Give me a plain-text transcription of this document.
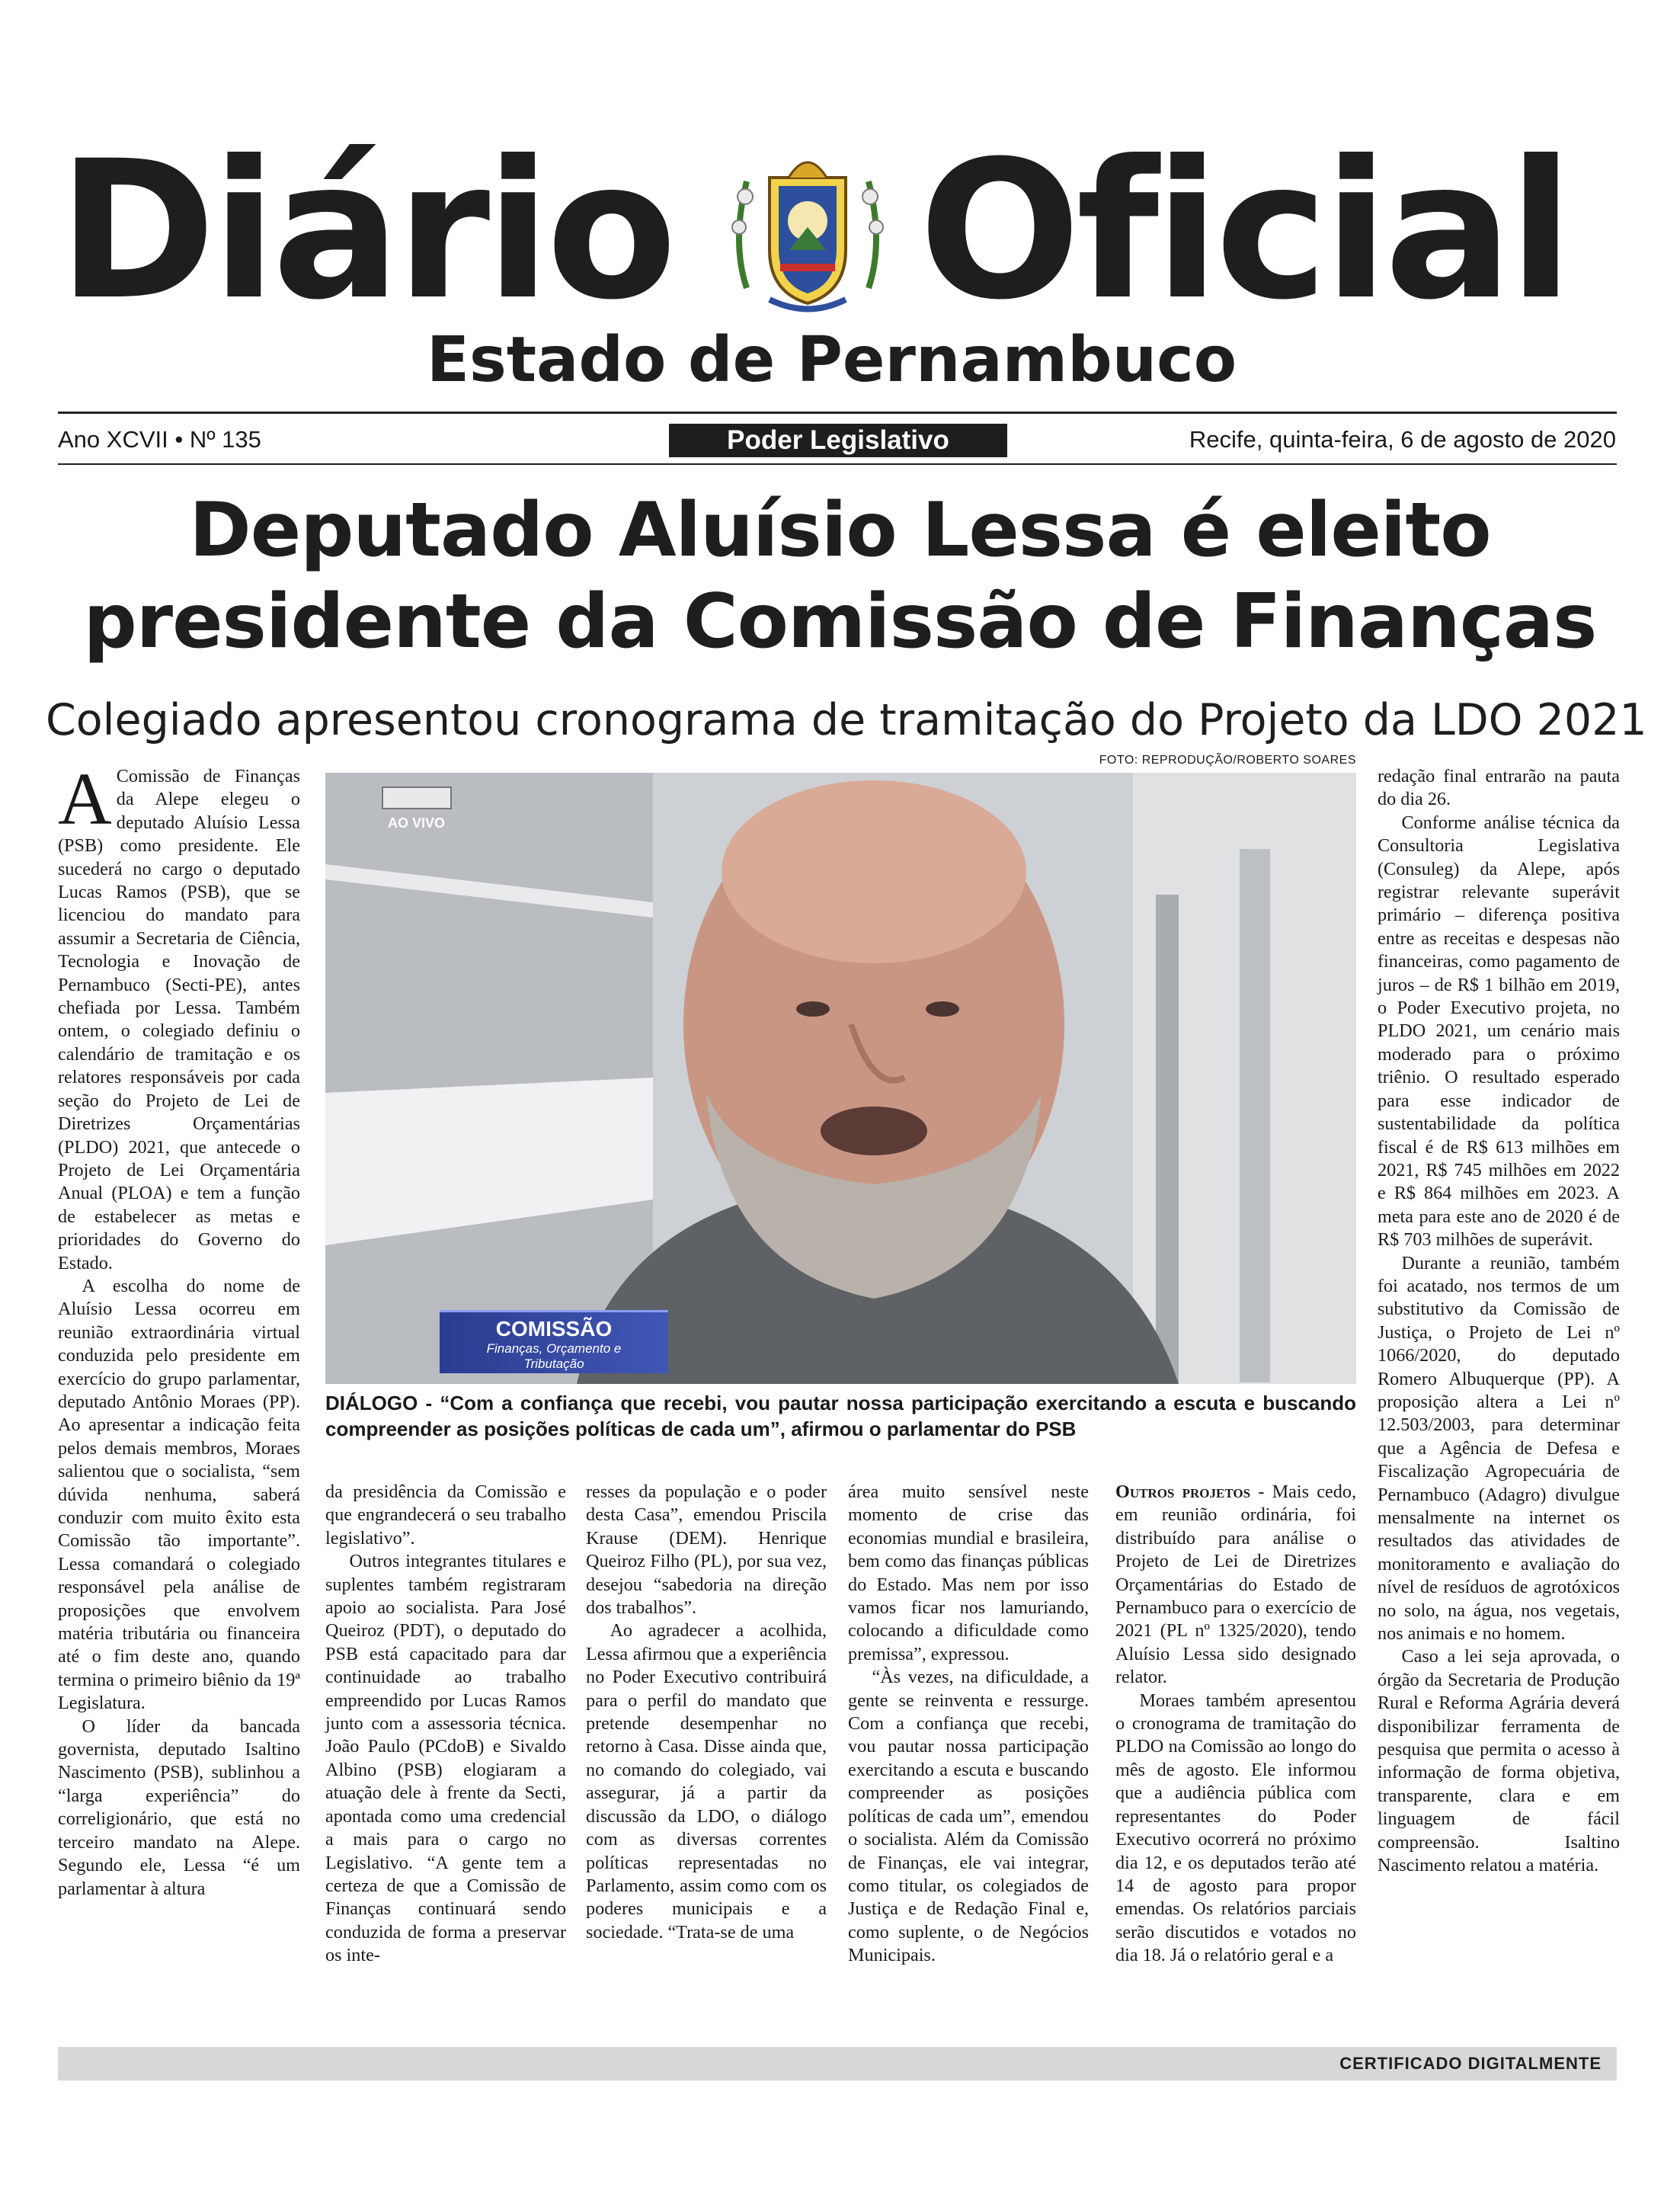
Diário Oficial
Estado de Pernambuco
Ano XCVII • Nº 135	Poder Legislativo	Recife, quinta-feira, 6 de agosto de 2020
Deputado Aluísio Lessa é eleito
presidente da Comissão de Finanças
Colegiado apresentou cronograma de tramitação do Projeto da LDO 2021
FOTO: REPRODUÇÃO/ROBERTO SOARES
AO VIVO
COMISSÃO
Finanças, Orçamento e Tributação
DIÁLOGO - “Com a confiança que recebi, vou pautar nossa participação exercitando a escuta e buscando compreender as posições políticas de cada um”, afirmou o parlamentar do PSB

A Comissão de Finanças da Alepe elegeu o deputado Aluísio Lessa (PSB) como presidente. Ele sucederá no cargo o deputado Lucas Ramos (PSB), que se licenciou do mandato para assumir a Secretaria de Ciência, Tecnologia e Inovação de Pernambuco (Secti-PE), antes chefiada por Lessa. Também ontem, o colegiado definiu o calendário de tramitação e os relatores responsáveis por cada seção do Projeto de Lei de Diretrizes Orçamentárias (PLDO) 2021, que antecede o Projeto de Lei Orçamentária Anual (PLOA) e tem a função de estabelecer as metas e prioridades do Governo do Estado.

A escolha do nome de Aluísio Lessa ocorreu em reunião extraordinária virtual conduzida pelo presidente em exercício do grupo parlamentar, deputado Antônio Moraes (PP). Ao apresentar a indicação feita pelos demais membros, Moraes salientou que o socialista, “sem dúvida nenhuma, saberá conduzir com muito êxito esta Comissão tão importante”. Lessa comandará o colegiado responsável pela análise de proposições que envolvem matéria tributária ou financeira até o fim deste ano, quando termina o primeiro biênio da 19ª Legislatura.

O líder da bancada governista, deputado Isaltino Nascimento (PSB), sublinhou a “larga experiência” do correligionário, que está no terceiro mandato na Alepe. Segundo ele, Lessa “é um parlamentar à altura

da presidência da Comissão e que engrandecerá o seu trabalho legislativo”.

Outros integrantes titulares e suplentes também registraram apoio ao socialista. Para José Queiroz (PDT), o deputado do PSB está capacitado para dar continuidade ao trabalho empreendido por Lucas Ramos junto com a assessoria técnica. João Paulo (PCdoB) e Sivaldo Albino (PSB) elogiaram a atuação dele à frente da Secti, apontada como uma credencial a mais para o cargo no Legislativo. “A gente tem a certeza de que a Comissão de Finanças continuará sendo conduzida de forma a preservar os inte-

resses da população e o poder desta Casa”, emendou Priscila Krause (DEM). Henrique Queiroz Filho (PL), por sua vez, desejou “sabedoria na direção dos trabalhos”.

Ao agradecer a acolhida, Lessa afirmou que a experiência no Poder Executivo contribuirá para o perfil do mandato que pretende desempenhar no retorno à Casa. Disse ainda que, no comando do colegiado, vai assegurar, já a partir da discussão da LDO, o diálogo com as diversas correntes políticas representadas no Parlamento, assim como com os poderes municipais e a sociedade. “Trata-se de uma

área muito sensível neste momento de crise das economias mundial e brasileira, bem como das finanças públicas do Estado. Mas nem por isso vamos ficar nos lamuriando, colocando a dificuldade como premissa”, expressou.

“Às vezes, na dificuldade, a gente se reinventa e ressurge. Com a confiança que recebi, vou pautar nossa participação exercitando a escuta e buscando compreender as posições políticas de cada um”, emendou o socialista. Além da Comissão de Finanças, ele vai integrar, como titular, os colegiados de Justiça e de Redação Final e, como suplente, o de Negócios Municipais.

Outros projetos - Mais cedo, em reunião ordinária, foi distribuído para análise o Projeto de Lei de Diretrizes Orçamentárias do Estado de Pernambuco para o exercício de 2021 (PL nº 1325/2020), tendo Aluísio Lessa sido designado relator.

Moraes também apresentou o cronograma de tramitação do PLDO na Comissão ao longo do mês de agosto. Ele informou que a audiência pública com representantes do Poder Executivo ocorrerá no próximo dia 12, e os deputados terão até 14 de agosto para propor emendas. Os relatórios parciais serão discutidos e votados no dia 18. Já o relatório geral e a

redação final entrarão na pauta do dia 26.

Conforme análise técnica da Consultoria Legislativa (Consuleg) da Alepe, após registrar relevante superávit primário – diferença positiva entre as receitas e despesas não financeiras, como pagamento de juros – de R$ 1 bilhão em 2019, o Poder Executivo projeta, no PLDO 2021, um cenário mais moderado para o próximo triênio. O resultado esperado para esse indicador de sustentabilidade da política fiscal é de R$ 613 milhões em 2021, R$ 745 milhões em 2022 e R$ 864 milhões em 2023. A meta para este ano de 2020 é de R$ 703 milhões de superávit.

Durante a reunião, também foi acatado, nos termos de um substitutivo da Comissão de Justiça, o Projeto de Lei nº 1066/2020, do deputado Romero Albuquerque (PP). A proposição altera a Lei nº 12.503/2003, para determinar que a Agência de Defesa e Fiscalização Agropecuária de Pernambuco (Adagro) divulgue mensalmente na internet os resultados das atividades de monitoramento e avaliação do nível de resíduos de agrotóxicos no solo, na água, nos vegetais, nos animais e no homem.

Caso a lei seja aprovada, o órgão da Secretaria de Produção Rural e Reforma Agrária deverá disponibilizar ferramenta de pesquisa que permita o acesso à informação de forma objetiva, transparente, clara e em linguagem de fácil compreensão. Isaltino Nascimento relatou a matéria.

CERTIFICADO DIGITALMENTE
